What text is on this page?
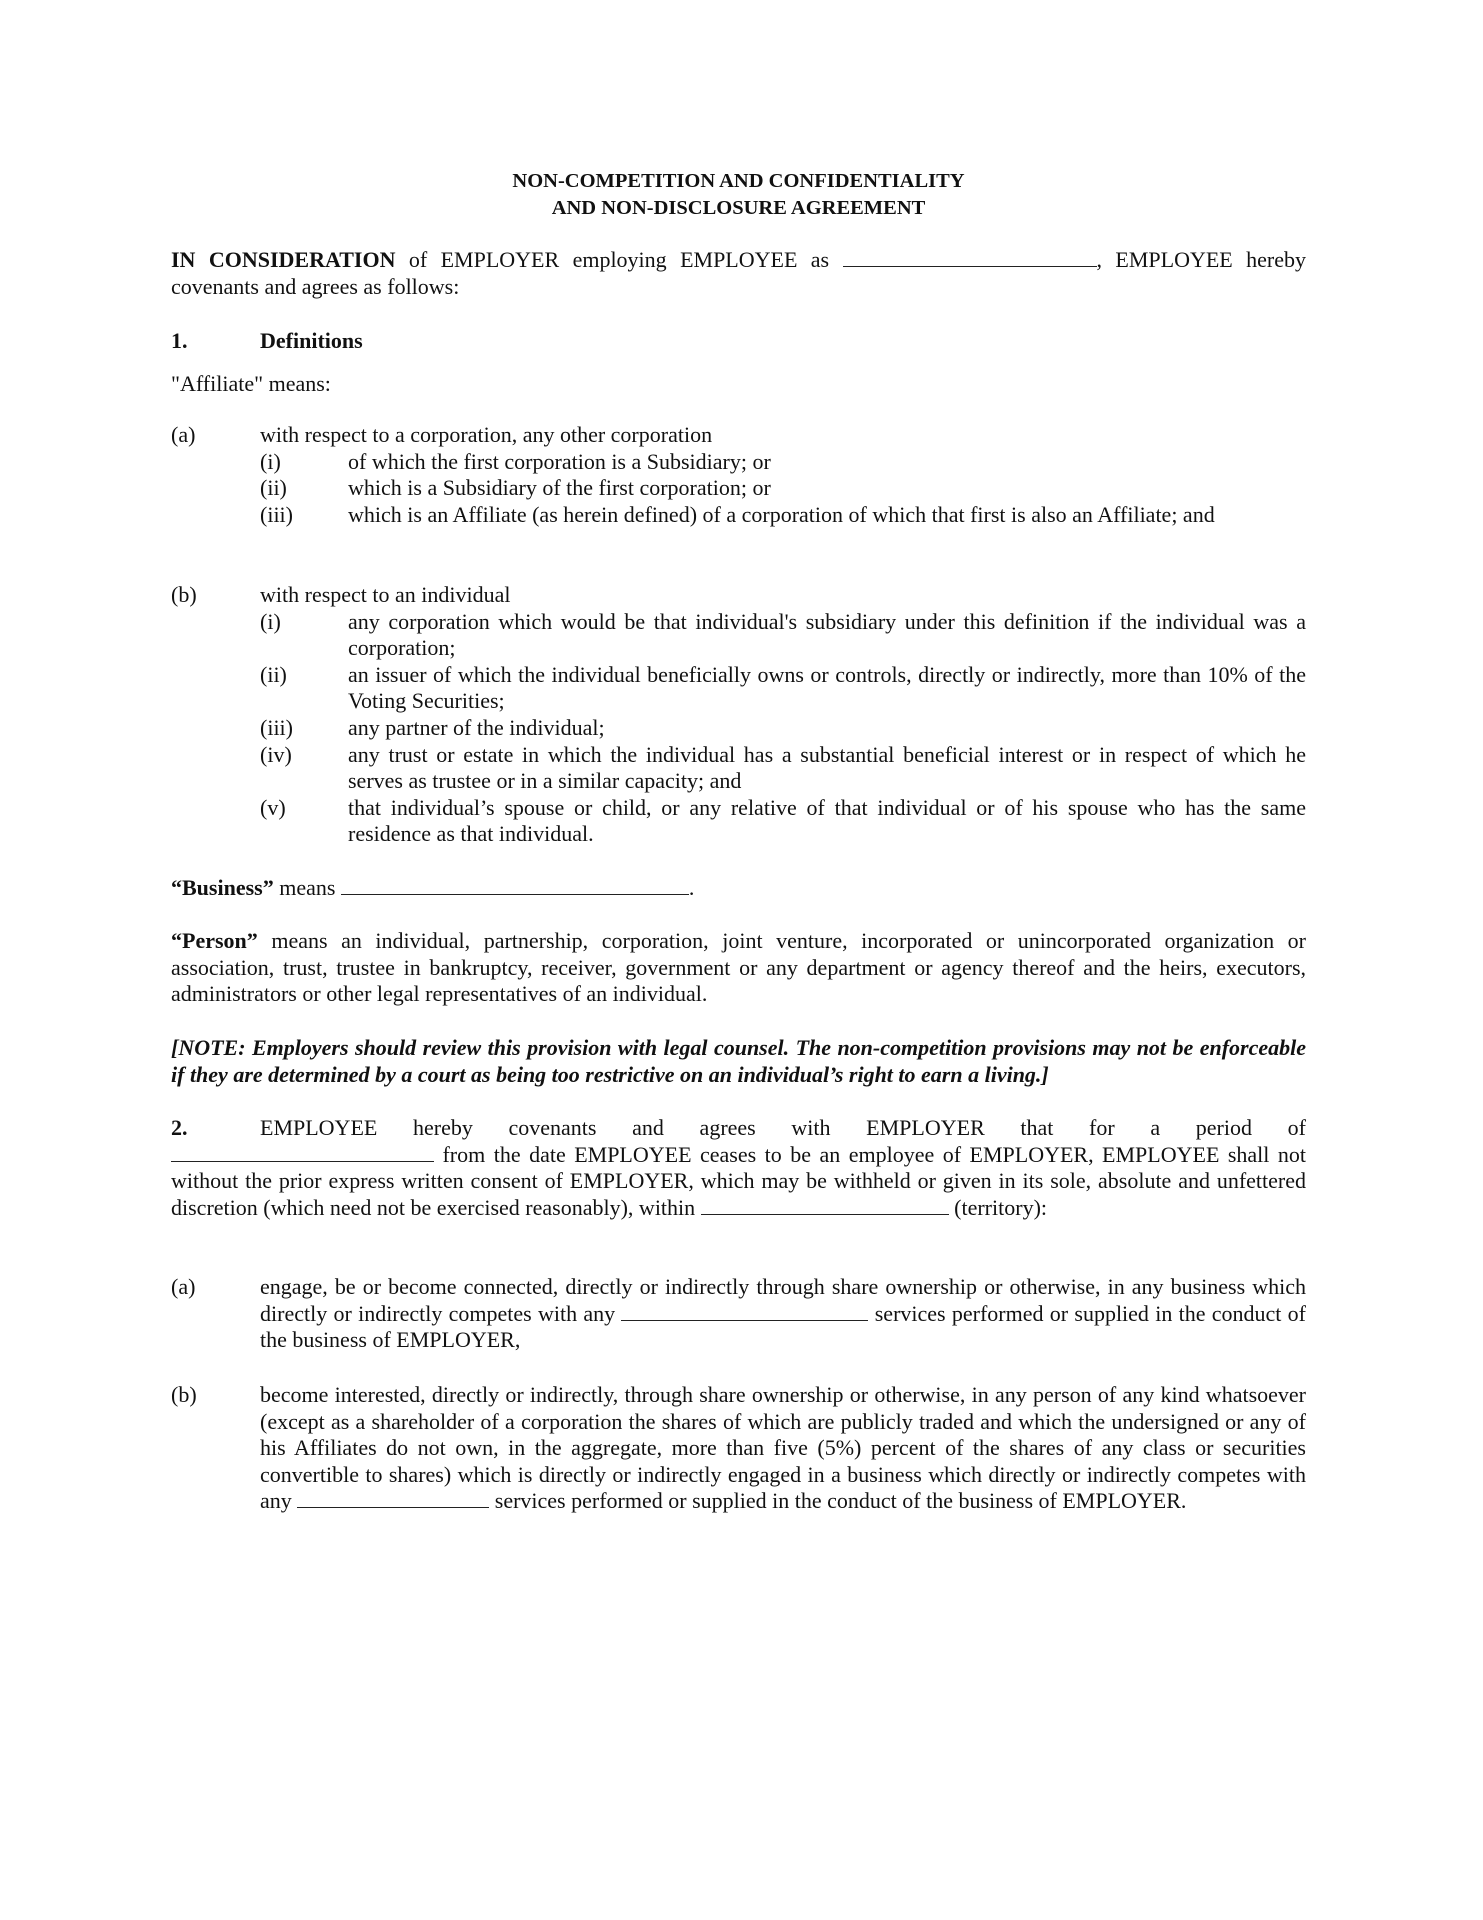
NON-COMPETITION AND CONFIDENTIALITY
AND NON-DISCLOSURE AGREEMENT
IN CONSIDERATION of EMPLOYER employing EMPLOYEE as	, EMPLOYEE hereby covenants and agrees as follows:
1.	Definitions
"Affiliate" means:
(a)	with respect to a corporation, any other corporation
(i)	of which the first corporation is a Subsidiary; or
(ii)	which is a Subsidiary of the first corporation; or
(iii)	which is an Affiliate (as herein defined) of a corporation of which that first is also an Affiliate; and
(b)	with respect to an individual
(i)	any corporation which would be that individual's subsidiary under this definition if the individual was a corporation;
(ii)	an issuer of which the individual beneficially owns or controls, directly or indirectly, more than 10% of the Voting Securities;
(iii)	any partner of the individual;
(iv)	any trust or estate in which the individual has a substantial beneficial interest or in respect of which he serves as trustee or in a similar capacity; and
(v)	that individual’s spouse or child, or any relative of that individual or of his spouse who has the same residence as that individual.
“Business” means	.
“Person” means an individual, partnership, corporation, joint venture, incorporated or unincorporated organization or association, trust, trustee in bankruptcy, receiver, government or any department or agency thereof and the heirs, executors, administrators or other legal representatives of an individual.
[NOTE: Employers should review this provision with legal counsel. The non-competition provisions may not be enforceable if they are determined by a court as being too restrictive on an individual’s right to earn a living.]
2.	EMPLOYEE hereby covenants and agrees with EMPLOYER that for a period of
from the date EMPLOYEE ceases to be an employee of EMPLOYER, EMPLOYEE shall not without the prior express written consent of EMPLOYER, which may be withheld or given in its sole, absolute and unfettered discretion (which need not be exercised reasonably), within	(territory):
(a)	engage, be or become connected, directly or indirectly through share ownership or otherwise, in any business which directly or indirectly competes with any	services performed or supplied in the conduct of the business of EMPLOYER,
(b)	become interested, directly or indirectly, through share ownership or otherwise, in any person of any kind whatsoever (except as a shareholder of a corporation the shares of which are publicly traded and which the undersigned or any of his Affiliates do not own, in the aggregate, more than five (5%) percent of the shares of any class or securities convertible to shares) which is directly or indirectly engaged in a business which directly or indirectly competes with any	services performed or supplied in the conduct of the business of EMPLOYER.
